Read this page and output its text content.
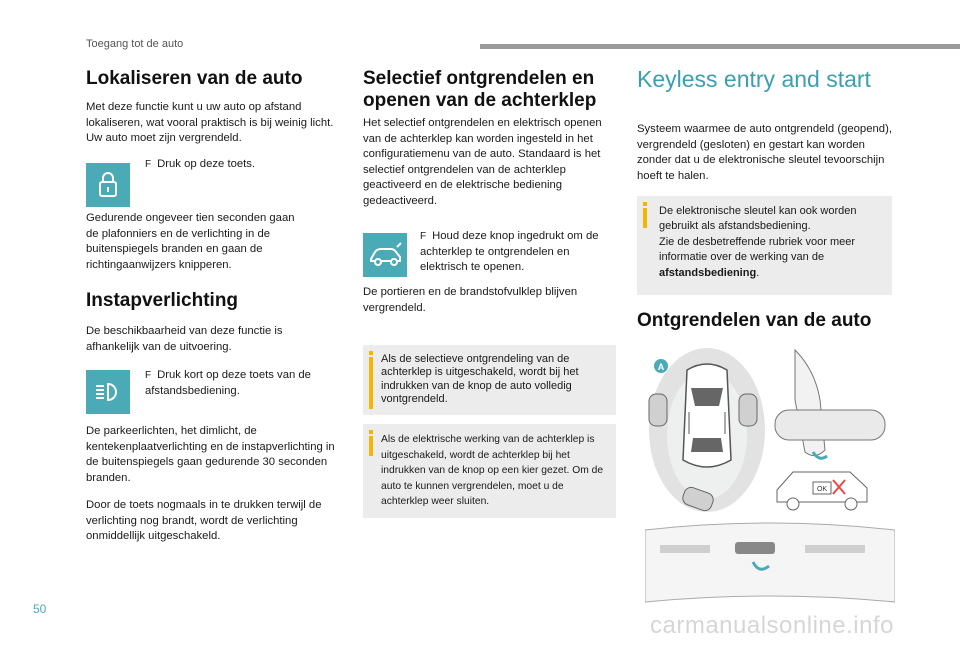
Toegang tot de auto
Lokaliseren van de auto

Met deze functie kunt u uw auto op afstand lokaliseren, wat vooral praktisch is bij weinig licht. Uw auto moet zijn vergrendeld.

F Druk op deze toets.

Gedurende ongeveer tien seconden gaan de plafonniers en de verlichting in de buitenspiegels branden en gaan de richtingaanwijzers knipperen.

Instapverlichting

De beschikbaarheid van deze functie is afhankelijk van de uitvoering.

F Druk kort op deze toets van de afstandsbediening.

De parkeerlichten, het dimlicht, de kentekenplaatverlichting en de instapverlichting in de buitenspiegels gaan gedurende 30 seconden branden.

Door de toets nogmaals in te drukken terwijl de verlichting nog brandt, wordt de verlichting onmiddellijk uitgeschakeld.

Selectief ontgrendelen en openen van de achterklep

Het selectief ontgrendelen en elektrisch openen van de achterklep kan worden ingesteld in het configuratiemenu van de auto. Standaard is het selectief ontgrendelen van de achterklep geactiveerd en de elektrische bediening gedeactiveerd.

F Houd deze knop ingedrukt om de achterklep te ontgrendelen en elektrisch te openen.

De portieren en de brandstofvulklep blijven vergrendeld.

Als de selectieve ontgrendeling van de achterklep is uitgeschakeld, wordt bij het indrukken van de knop de auto volledig vontgrendeld.

Als de elektrische werking van de achterklep is uitgeschakeld, wordt de achterklep bij het indrukken van de knop op een kier gezet. Om de auto te kunnen vergrendelen, moet u de achterklep weer sluiten.

Keyless entry and start

Systeem waarmee de auto ontgrendeld (geopend), vergrendeld (gesloten) en gestart kan worden zonder dat u de elektronische sleutel tevoorschijn hoeft te halen.

De elektronische sleutel kan ook worden gebruikt als afstandsbediening.
Zie de desbetreffende rubriek voor meer informatie over de werking van de afstandsbediening.

Ontgrendelen van de auto
A
OK
50
carmanualsonline.info
